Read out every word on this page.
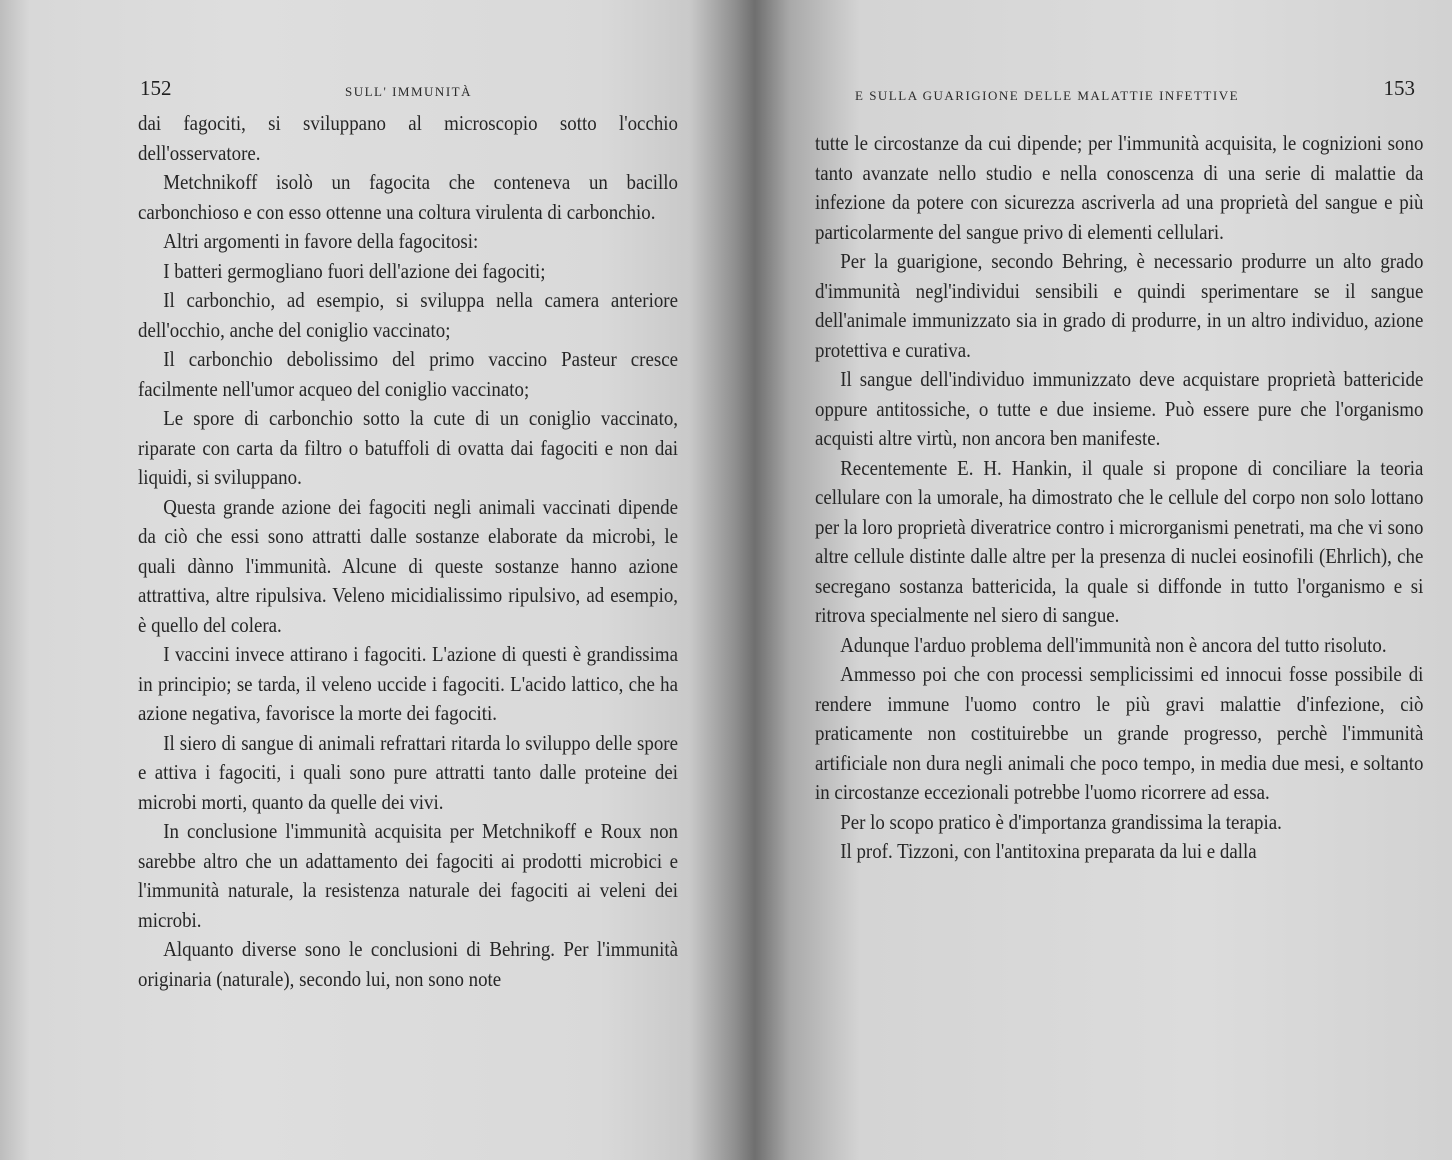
152	SULL' IMMUNITÀ

dai fagociti, si sviluppano al microscopio sotto l'occhio dell'osservatore.

Metchnikoff isolò un fagocita che conteneva un bacillo carbonchioso e con esso ottenne una coltura virulenta di carbonchio.

Altri argomenti in favore della fagocitosi:

I batteri germogliano fuori dell'azione dei fagociti;

Il carbonchio, ad esempio, si sviluppa nella camera anteriore dell'occhio, anche del coniglio vaccinato;

Il carbonchio debolissimo del primo vaccino Pasteur cresce facilmente nell'umor acqueo del coniglio vaccinato;

Le spore di carbonchio sotto la cute di un coniglio vaccinato, riparate con carta da filtro o batuffoli di ovatta dai fagociti e non dai liquidi, si sviluppano.

Questa grande azione dei fagociti negli animali vaccinati dipende da ciò che essi sono attratti dalle sostanze elaborate da microbi, le quali dànno l'immunità. Alcune di queste sostanze hanno azione attrattiva, altre ripulsiva. Veleno micidialissimo ripulsivo, ad esempio, è quello del colera.

I vaccini invece attirano i fagociti. L'azione di questi è grandissima in principio; se tarda, il veleno uccide i fagociti. L'acido lattico, che ha azione negativa, favorisce la morte dei fagociti.

Il siero di sangue di animali refrattari ritarda lo sviluppo delle spore e attiva i fagociti, i quali sono pure attratti tanto dalle proteine dei microbi morti, quanto da quelle dei vivi.

In conclusione l'immunità acquisita per Metchnikoff e Roux non sarebbe altro che un adattamento dei fagociti ai prodotti microbici e l'immunità naturale, la resistenza naturale dei fagociti ai veleni dei microbi.

Alquanto diverse sono le conclusioni di Behring. Per l'immunità originaria (naturale), secondo lui, non sono note

E SULLA GUARIGIONE DELLE MALATTIE INFETTIVE	153

tutte le circostanze da cui dipende; per l'immunità acquisita, le cognizioni sono tanto avanzate nello studio e nella conoscenza di una serie di malattie da infezione da potere con sicurezza ascriverla ad una proprietà del sangue e più particolarmente del sangue privo di elementi cellulari.

Per la guarigione, secondo Behring, è necessario produrre un alto grado d'immunità negl'individui sensibili e quindi sperimentare se il sangue dell'animale immunizzato sia in grado di produrre, in un altro individuo, azione protettiva e curativa.

Il sangue dell'individuo immunizzato deve acquistare proprietà battericide oppure antitossiche, o tutte e due insieme. Può essere pure che l'organismo acquisti altre virtù, non ancora ben manifeste.

Recentemente E. H. Hankin, il quale si propone di conciliare la teoria cellulare con la umorale, ha dimostrato che le cellule del corpo non solo lottano per la loro proprietà diveratrice contro i microrganismi penetrati, ma che vi sono altre cellule distinte dalle altre per la presenza di nuclei eosinofili (Ehrlich), che secregano sostanza battericida, la quale si diffonde in tutto l'organismo e si ritrova specialmente nel siero di sangue.

Adunque l'arduo problema dell'immunità non è ancora del tutto risoluto.

Ammesso poi che con processi semplicissimi ed innocui fosse possibile di rendere immune l'uomo contro le più gravi malattie d'infezione, ciò praticamente non costituirebbe un grande progresso, perchè l'immunità artificiale non dura negli animali che poco tempo, in media due mesi, e soltanto in circostanze eccezionali potrebbe l'uomo ricorrere ad essa.

Per lo scopo pratico è d'importanza grandissima la terapia.

Il prof. Tizzoni, con l'antitoxina preparata da lui e dalla
